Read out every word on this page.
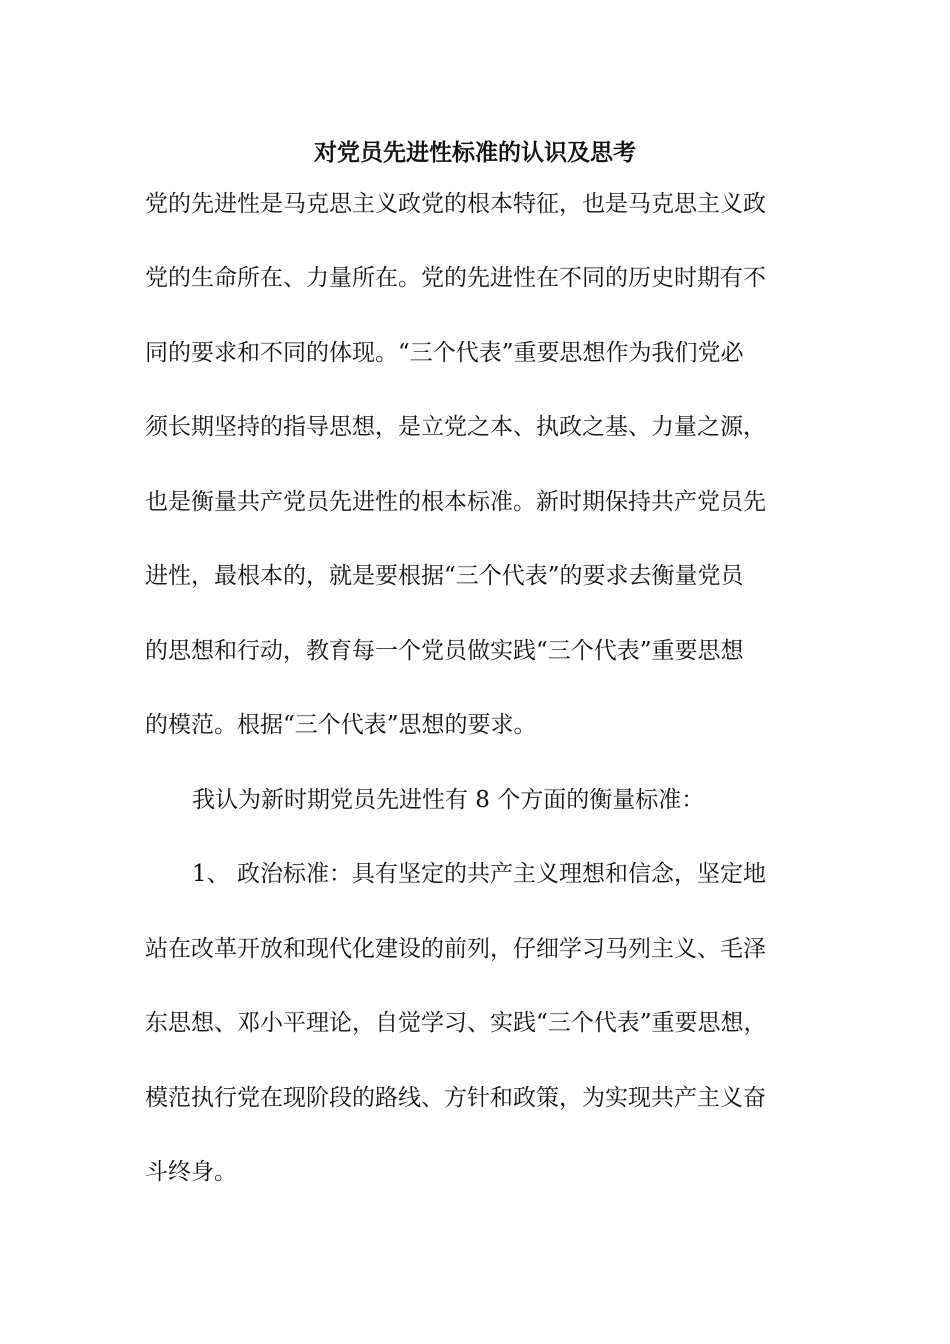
对党员先进性标准的认识及思考

党的先进性是马克思主义政党的根本特征，也是马克思主义政

党的生命所在、力量所在。党的先进性在不同的历史时期有不

同的要求和不同的体现。“三个代表”重要思想作为我们党必

须长期坚持的指导思想，是立党之本、执政之基、力量之源，

也是衡量共产党员先进性的根本标准。新时期保持共产党员先

进性，最根本的，就是要根据“三个代表”的要求去衡量党员

的思想和行动，教育每一个党员做实践“三个代表”重要思想

的模范。根据“三个代表”思想的要求。

我认为新时期党员先进性有 8 个方面的衡量标准：

1、 政治标准：具有坚定的共产主义理想和信念，坚定地

站在改革开放和现代化建设的前列，仔细学习马列主义、毛泽

东思想、邓小平理论，自觉学习、实践“三个代表”重要思想，

模范执行党在现阶段的路线、方针和政策，为实现共产主义奋

斗终身。
